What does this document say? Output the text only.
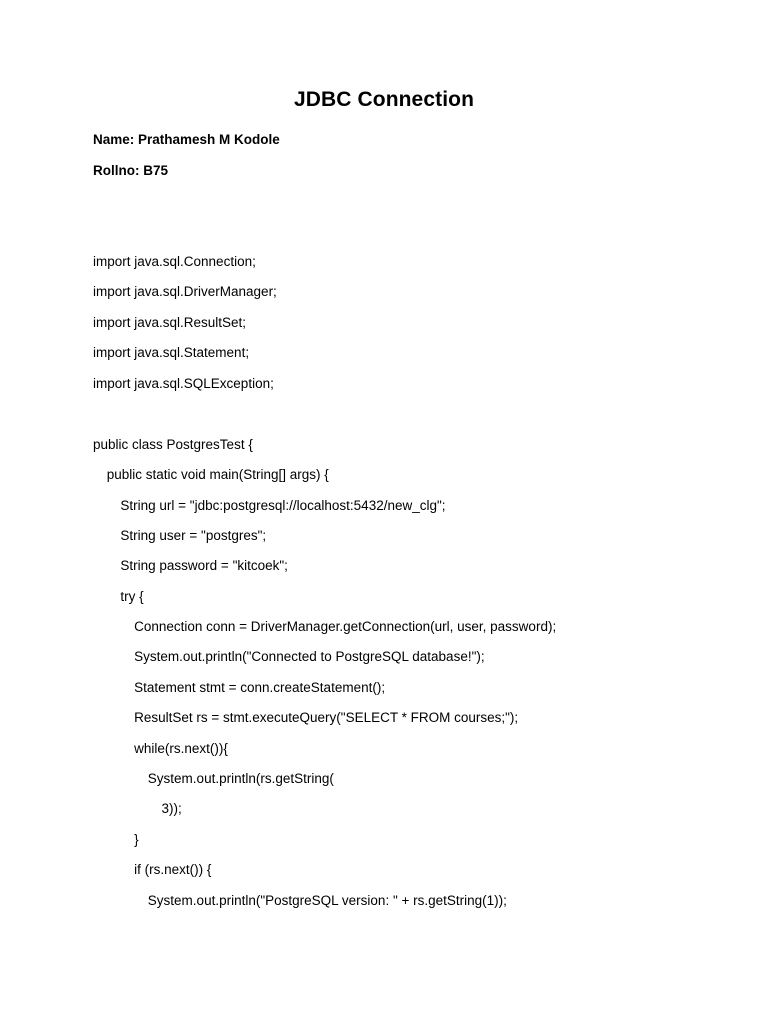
JDBC Connection
Name: Prathamesh M Kodole
Rollno: B75
import java.sql.Connection;
import java.sql.DriverManager;
import java.sql.ResultSet;
import java.sql.Statement;
import java.sql.SQLException;
public class PostgresTest {
public static void main(String[] args) {
String url = "jdbc:postgresql://localhost:5432/new_clg";
String user = "postgres";
String password = "kitcoek";
try {
Connection conn = DriverManager.getConnection(url, user, password);
System.out.println("Connected to PostgreSQL database!");
Statement stmt = conn.createStatement();
ResultSet rs = stmt.executeQuery("SELECT * FROM courses;");
while(rs.next()){
System.out.println(rs.getString(
3));
}
if (rs.next()) {
System.out.println("PostgreSQL version: " + rs.getString(1));
